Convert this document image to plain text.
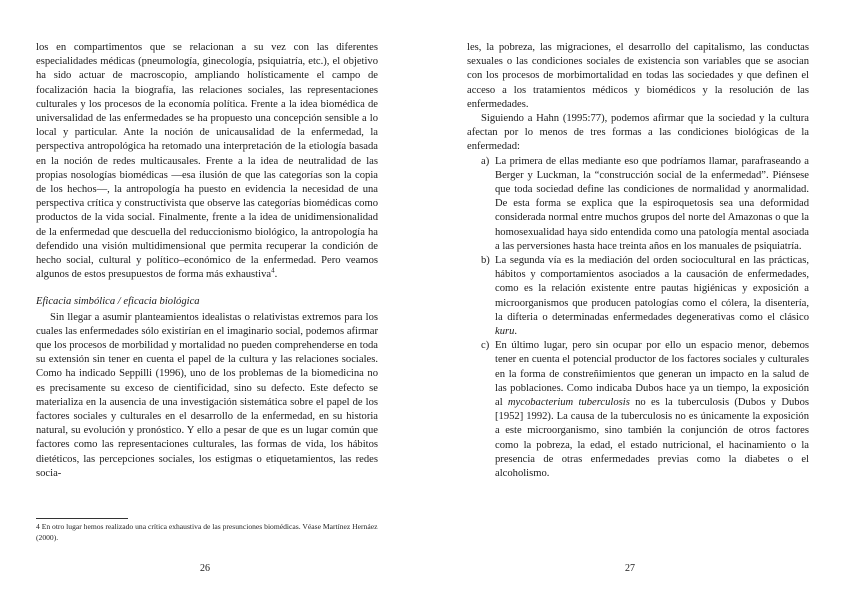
los en compartimentos que se relacionan a su vez con las diferentes especialidades médicas (pneumología, ginecología, psiquiatría, etc.), el objetivo ha sido actuar de macroscopio, ampliando holísticamente el campo de focalización hacia la biografía, las relaciones sociales, las representaciones culturales y los procesos de la economía política. Frente a la idea biomédica de universalidad de las enfermedades se ha propuesto una concepción sensible a lo local y particular. Ante la noción de unicausalidad de la enfermedad, la perspectiva antropológica ha retomado una interpretación de la etiología basada en la noción de redes multicausales. Frente a la idea de neutralidad de las propias nosologías biomédicas —esa ilusión de que las categorías son la copia de los hechos—, la antropología ha puesto en evidencia la necesidad de una perspectiva crítica y constructivista que observe las categorías biomédicas como productos de la vida social. Finalmente, frente a la idea de unidimensionalidad de la enfermedad que descuella del reduccionismo biológico, la antropología ha defendido una visión multidimensional que permita recuperar la condición de hecho social, cultural y político–económico de la enfermedad. Pero veamos algunos de estos presupuestos de forma más exhaustiva$^4$.

Eficacia simbólica / eficacia biológica

Sin llegar a asumir planteamientos idealistas o relativistas extremos para los cuales las enfermedades sólo existirían en el imaginario social, podemos afirmar que los procesos de morbilidad y mortalidad no pueden comprehenderse en toda su extensión sin tener en cuenta el papel de la cultura y las relaciones sociales. Como ha indicado Seppilli (1996), uno de los problemas de la biomedicina no es precisamente su exceso de cientificidad, sino su defecto. Este defecto se materializa en la ausencia de una investigación sistemática sobre el papel de los factores sociales y culturales en el desarrollo de la enfermedad, en su historia natural, su evolución y pronóstico. Y ello a pesar de que es un lugar común que factores como las representaciones culturales, las formas de vida, los hábitos dietéticos, las percepciones sociales, los estigmas o etiquetamientos, las redes socia-

4 En otro lugar hemos realizado una crítica exhaustiva de las presunciones biomédicas. Véase Martínez Hernáez (2000).
26

les, la pobreza, las migraciones, el desarrollo del capitalismo, las conductas sexuales o las condiciones sociales de existencia son variables que se asocian con los procesos de morbimortalidad en todas las sociedades y que definen el acceso a los tratamientos médicos y biomédicos y la resolución de las enfermedades.

Siguiendo a Hahn (1995:77), podemos afirmar que la sociedad y la cultura afectan por lo menos de tres formas a las condiciones biológicas de la enfermedad:

a) La primera de ellas mediante eso que podríamos llamar, parafraseando a Berger y Luckman, la “construcción social de la enfermedad”. Piénsese que toda sociedad define las condiciones de normalidad y anormalidad. De esta forma se explica que la espiroquetosis sea una deformidad considerada normal entre muchos grupos del norte del Amazonas o que la homosexualidad haya sido entendida como una patología mental asociada a las perversiones hasta hace treinta años en los manuales de psiquiatría.
b) La segunda vía es la mediación del orden sociocultural en las prácticas, hábitos y comportamientos asociados a la causación de enfermedades, como es la relación existente entre pautas higiénicas y exposición a microorganismos que producen patologías como el cólera, la disentería, la difteria o determinadas enfermedades degenerativas como el clásico kuru.
c) En último lugar, pero sin ocupar por ello un espacio menor, debemos tener en cuenta el potencial productor de los factores sociales y culturales en la forma de constreñimientos que generan un impacto en la salud de las poblaciones. Como indicaba Dubos hace ya un tiempo, la exposición al mycobacterium tuberculosis no es la tuberculosis (Dubos y Dubos [1952] 1992). La causa de la tuberculosis no es únicamente la exposición a este microorganismo, sino también la conjunción de otros factores como la pobreza, la edad, el estado nutricional, el hacinamiento o la presencia de otras enfermedades previas como la diabetes o el alcoholismo.
27
